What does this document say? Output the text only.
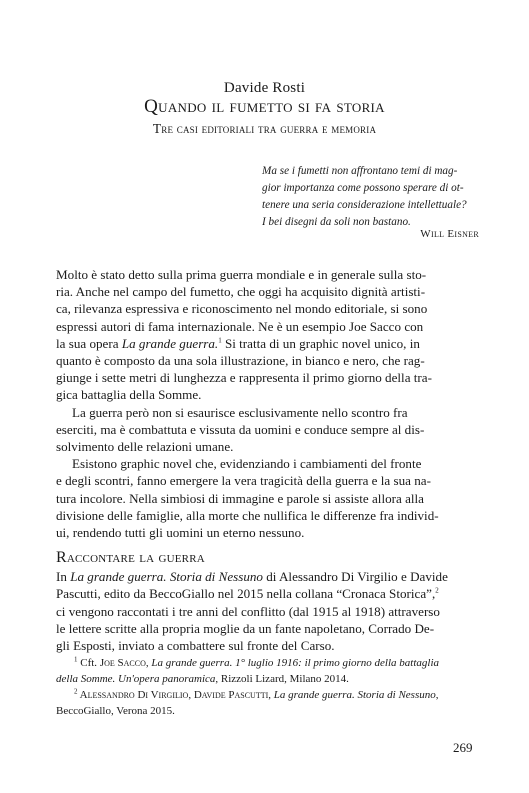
Davide Rosti
Quando il fumetto si fa storia
Tre casi editoriali tra guerra e memoria
Ma se i fumetti non affrontano temi di mag-
gior importanza come possono sperare di ot-
tenere una seria considerazione intellettuale?
I bei disegni da soli non bastano.
Will Eisner
Molto è stato detto sulla prima guerra mondiale e in generale sulla sto-
ria. Anche nel campo del fumetto, che oggi ha acquisito dignità artisti-
ca, rilevanza espressiva e riconoscimento nel mondo editoriale, si sono
espressi autori di fama internazionale. Ne è un esempio Joe Sacco con
la sua opera La grande guerra.$^1$ Si tratta di un graphic novel unico, in
quanto è composto da una sola illustrazione, in bianco e nero, che rag-
giunge i sette metri di lunghezza e rappresenta il primo giorno della tra-
gica battaglia della Somme.
La guerra però non si esaurisce esclusivamente nello scontro fra
eserciti, ma è combattuta e vissuta da uomini e conduce sempre al dis-
solvimento delle relazioni umane.
Esistono graphic novel che, evidenziando i cambiamenti del fronte
e degli scontri, fanno emergere la vera tragicità della guerra e la sua na-
tura incolore. Nella simbiosi di immagine e parole si assiste allora alla
divisione delle famiglie, alla morte che nullifica le differenze fra individ-
ui, rendendo tutti gli uomini un eterno nessuno.
Raccontare la guerra
In La grande guerra. Storia di Nessuno di Alessandro Di Virgilio e Davide
Pascutti, edito da BeccoGiallo nel 2015 nella collana “Cronaca Storica”,$^2$
ci vengono raccontati i tre anni del conflitto (dal 1915 al 1918) attraverso
le lettere scritte alla propria moglie da un fante napoletano, Corrado De-
gli Esposti, inviato a combattere sul fronte del Carso.
$^1$ Cft. Joe Sacco, La grande guerra. 1° luglio 1916: il primo giorno della battaglia
della Somme. Un'opera panoramica, Rizzoli Lizard, Milano 2014.
$^2$ Alessandro Di Virgilio, Davide Pascutti, La grande guerra. Storia di Nessuno,
BeccoGiallo, Verona 2015.
269
